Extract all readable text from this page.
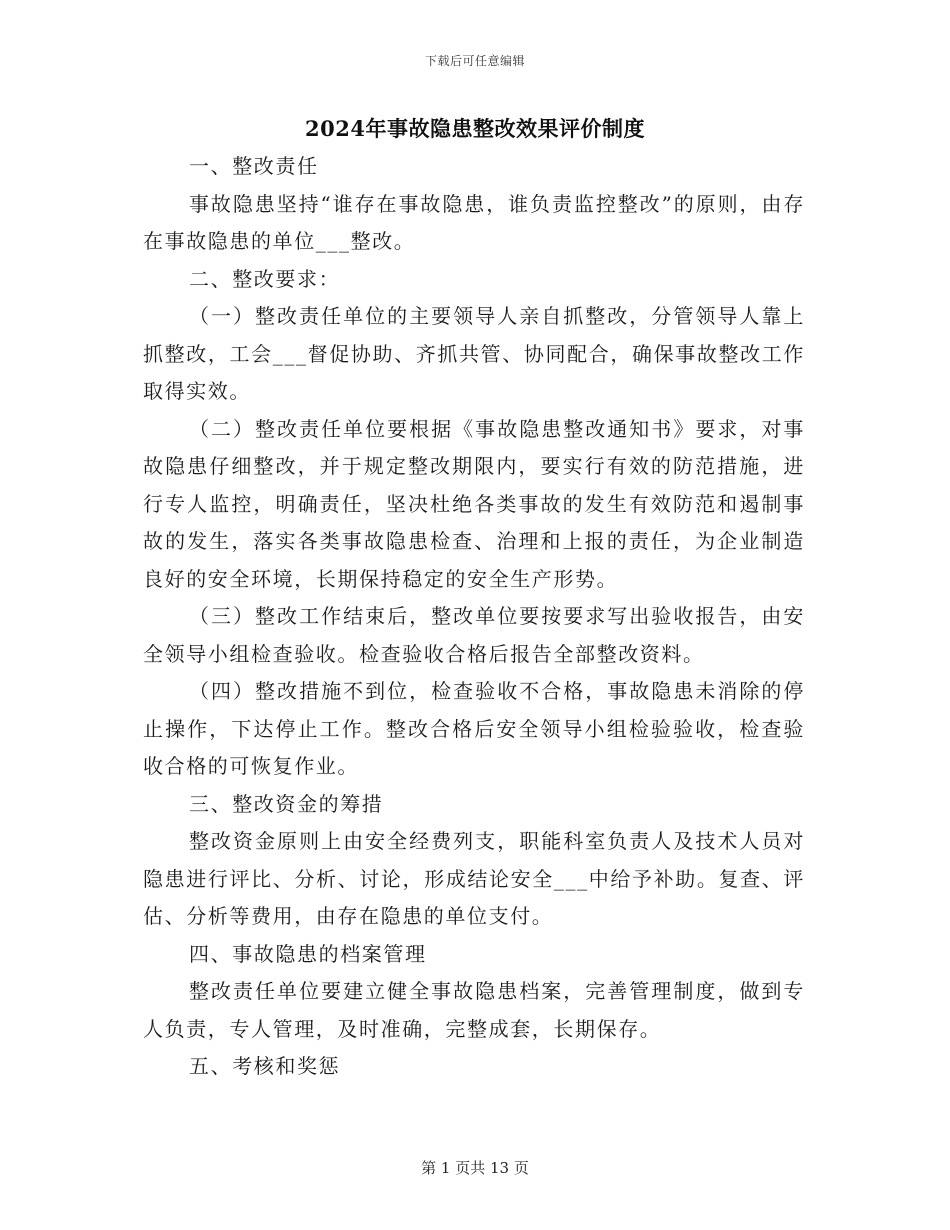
下载后可任意编辑
2024年事故隐患整改效果评价制度

一、整改责任

事故隐患坚持“谁存在事故隐患，谁负责监控整改”的原则，由存在事故隐患的单位___整改。

二、整改要求：

（一）整改责任单位的主要领导人亲自抓整改，分管领导人靠上抓整改，工会___督促协助、齐抓共管、协同配合，确保事故整改工作取得实效。

（二）整改责任单位要根据《事故隐患整改通知书》要求，对事故隐患仔细整改，并于规定整改期限内，要实行有效的防范措施，进行专人监控，明确责任，坚决杜绝各类事故的发生有效防范和遏制事故的发生，落实各类事故隐患检查、治理和上报的责任，为企业制造良好的安全环境，长期保持稳定的安全生产形势。

（三）整改工作结束后，整改单位要按要求写出验收报告，由安全领导小组检查验收。检查验收合格后报告全部整改资料。

（四）整改措施不到位，检查验收不合格，事故隐患未消除的停止操作，下达停止工作。整改合格后安全领导小组检验验收，检查验收合格的可恢复作业。

三、整改资金的筹措

整改资金原则上由安全经费列支，职能科室负责人及技术人员对隐患进行评比、分析、讨论，形成结论安全___中给予补助。复查、评估、分析等费用，由存在隐患的单位支付。

四、事故隐患的档案管理

整改责任单位要建立健全事故隐患档案，完善管理制度，做到专人负责，专人管理，及时准确，完整成套，长期保存。

五、考核和奖惩

第 1 页共 13 页
